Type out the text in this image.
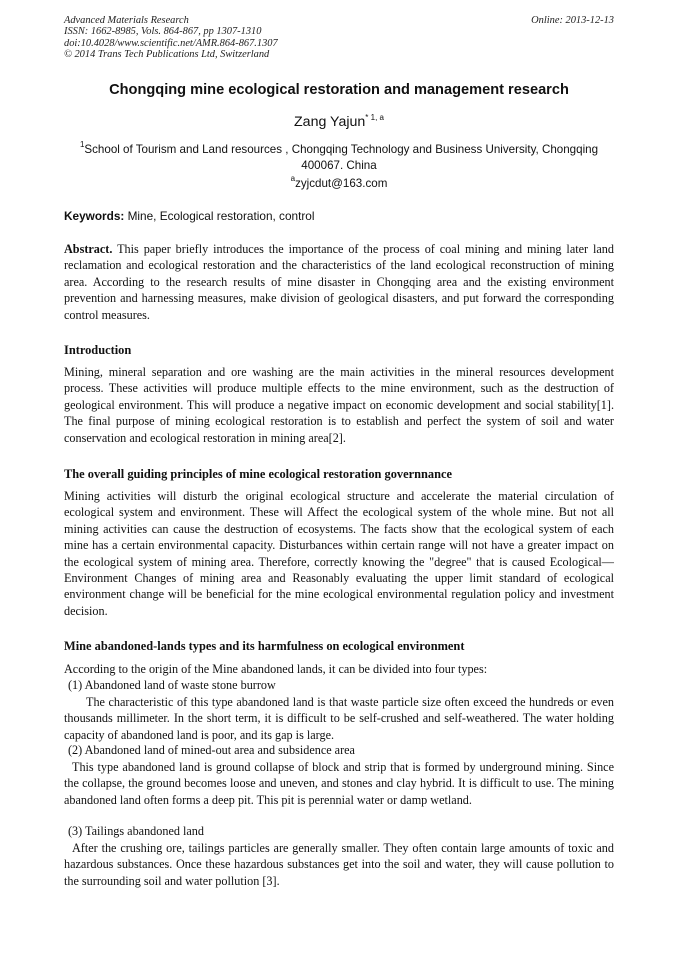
Advanced Materials Research
ISSN: 1662-8985, Vols. 864-867, pp 1307-1310
doi:10.4028/www.scientific.net/AMR.864-867.1307
© 2014 Trans Tech Publications Ltd, Switzerland
Online: 2013-12-13
Chongqing mine ecological restoration and management research
Zang Yajun$^{* 1, a}$
$^1$School of Tourism and Land resources , Chongqing Technology and Business University, Chongqing 400067. China
$^a$zyjcdut@163.com
Keywords: Mine, Ecological restoration, control
Abstract. This paper briefly introduces the importance of the process of coal mining and mining later land reclamation and ecological restoration and the characteristics of the land ecological reconstruction of mining area. According to the research results of mine disaster in Chongqing area and the existing environment prevention and harnessing measures, make division of geological disasters, and put forward the corresponding control measures.
Introduction
Mining, mineral separation and ore washing are the main activities in the mineral resources development process. These activities will produce multiple effects to the mine environment, such as the destruction of geological environment. This will produce a negative impact on economic development and social stability[1]. The final purpose of mining ecological restoration is to establish and perfect the system of soil and water conservation and ecological restoration in mining area[2].
The overall guiding principles of mine ecological restoration governnance
Mining activities will disturb the original ecological structure and accelerate the material circulation of ecological system and environment. These will Affect the ecological system of the whole mine. But not all mining activities can cause the destruction of ecosystems. The facts show that the ecological system of each mine has a certain environmental capacity. Disturbances within certain range will not have a greater impact on the ecological system of mining area. Therefore, correctly knowing the "degree" that is caused Ecological—Environment Changes of mining area and Reasonably evaluating the upper limit standard of ecological environment change will be beneficial for the mine ecological environmental regulation policy and investment decision.
Mine abandoned-lands types and its harmfulness on ecological environment
According to the origin of the Mine abandoned lands, it can be divided into four types:
(1) Abandoned land of waste stone burrow
The characteristic of this type abandoned land is that waste particle size often exceed the hundreds or even thousands millimeter. In the short term, it is difficult to be self-crushed and self-weathered. The water holding capacity of abandoned land is poor, and its gap is large.
(2) Abandoned land of mined-out area and subsidence area
This type abandoned land is ground collapse of block and strip that is formed by underground mining. Since the collapse, the ground becomes loose and uneven, and stones and clay hybrid. It is difficult to use. The mining abandoned land often forms a deep pit. This pit is perennial water or damp wetland.
(3) Tailings abandoned land
After the crushing ore, tailings particles are generally smaller. They often contain large amounts of toxic and hazardous substances. Once these hazardous substances get into the soil and water, they will cause pollution to the surrounding soil and water pollution [3].
